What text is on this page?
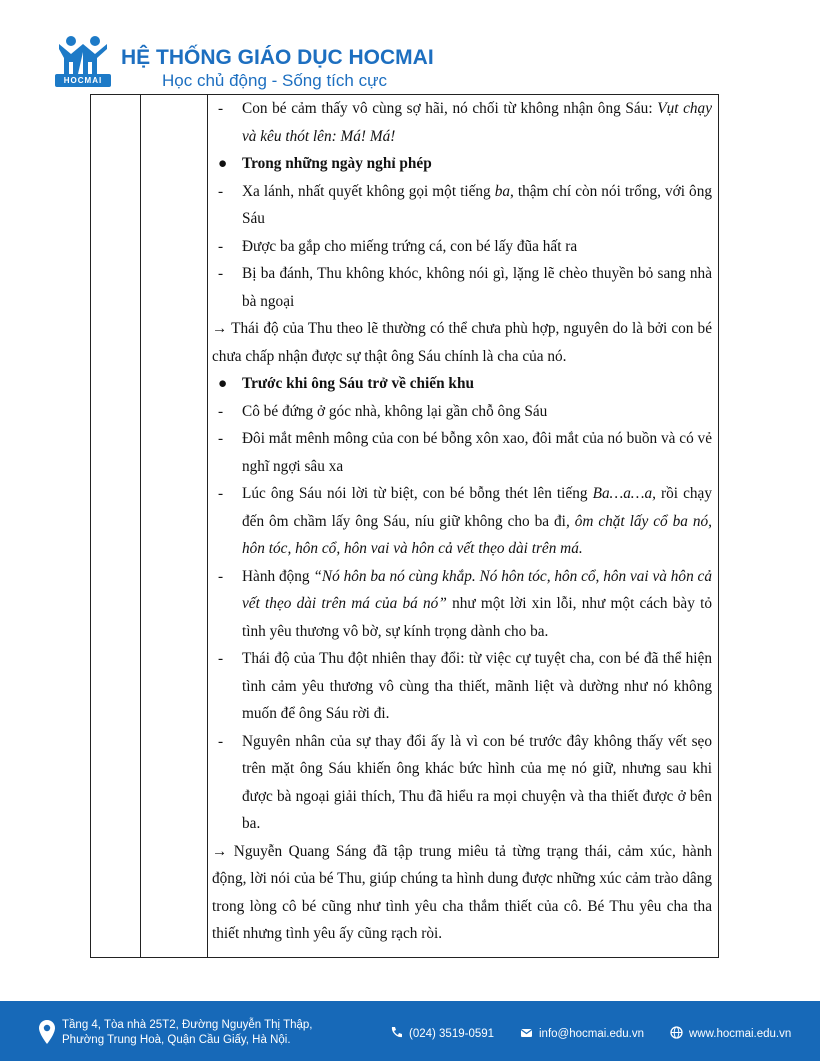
HOCMAI
HỆ THỐNG GIÁO DỤC HOCMAI
Học chủ động - Sống tích cực
- Con bé cảm thấy vô cùng sợ hãi, nó chối từ không nhận ông Sáu: Vụt chạy và kêu thót lên: Má! Má!
● Trong những ngày nghỉ phép
- Xa lánh, nhất quyết không gọi một tiếng ba, thậm chí còn nói trổng, với ông Sáu
- Được ba gắp cho miếng trứng cá, con bé lấy đũa hất ra
- Bị ba đánh, Thu không khóc, không nói gì, lặng lẽ chèo thuyền bỏ sang nhà bà ngoại
→ Thái độ của Thu theo lẽ thường có thể chưa phù hợp, nguyên do là bởi con bé chưa chấp nhận được sự thật ông Sáu chính là cha của nó.
● Trước khi ông Sáu trở về chiến khu
- Cô bé đứng ở góc nhà, không lại gần chỗ ông Sáu
- Đôi mắt mênh mông của con bé bỗng xôn xao, đôi mắt của nó buồn và có vẻ nghĩ ngợi sâu xa
- Lúc ông Sáu nói lời từ biệt, con bé bỗng thét lên tiếng Ba…a…a, rồi chạy đến ôm chầm lấy ông Sáu, níu giữ không cho ba đi, ôm chặt lấy cổ ba nó, hôn tóc, hôn cổ, hôn vai và hôn cả vết thẹo dài trên má.
- Hành động “Nó hôn ba nó cùng khắp. Nó hôn tóc, hôn cổ, hôn vai và hôn cả vết thẹo dài trên má của bá nó” như một lời xin lỗi, như một cách bày tỏ tình yêu thương vô bờ, sự kính trọng dành cho ba.
- Thái độ của Thu đột nhiên thay đổi: từ việc cự tuyệt cha, con bé đã thể hiện tình cảm yêu thương vô cùng tha thiết, mãnh liệt và dường như nó không muốn để ông Sáu rời đi.
- Nguyên nhân của sự thay đổi ấy là vì con bé trước đây không thấy vết sẹo trên mặt ông Sáu khiến ông khác bức hình của mẹ nó giữ, nhưng sau khi được bà ngoại giải thích, Thu đã hiểu ra mọi chuyện và tha thiết được ở bên ba.
→ Nguyễn Quang Sáng đã tập trung miêu tả từng trạng thái, cảm xúc, hành động, lời nói của bé Thu, giúp chúng ta hình dung được những xúc cảm trào dâng trong lòng cô bé cũng như tình yêu cha thắm thiết của cô. Bé Thu yêu cha tha thiết nhưng tình yêu ấy cũng rạch ròi.
Tầng 4, Tòa nhà 25T2, Đường Nguyễn Thị Thập,
Phường Trung Hoà, Quận Cầu Giấy, Hà Nội.	(024) 3519-0591	info@hocmai.edu.vn	www.hocmai.edu.vn
